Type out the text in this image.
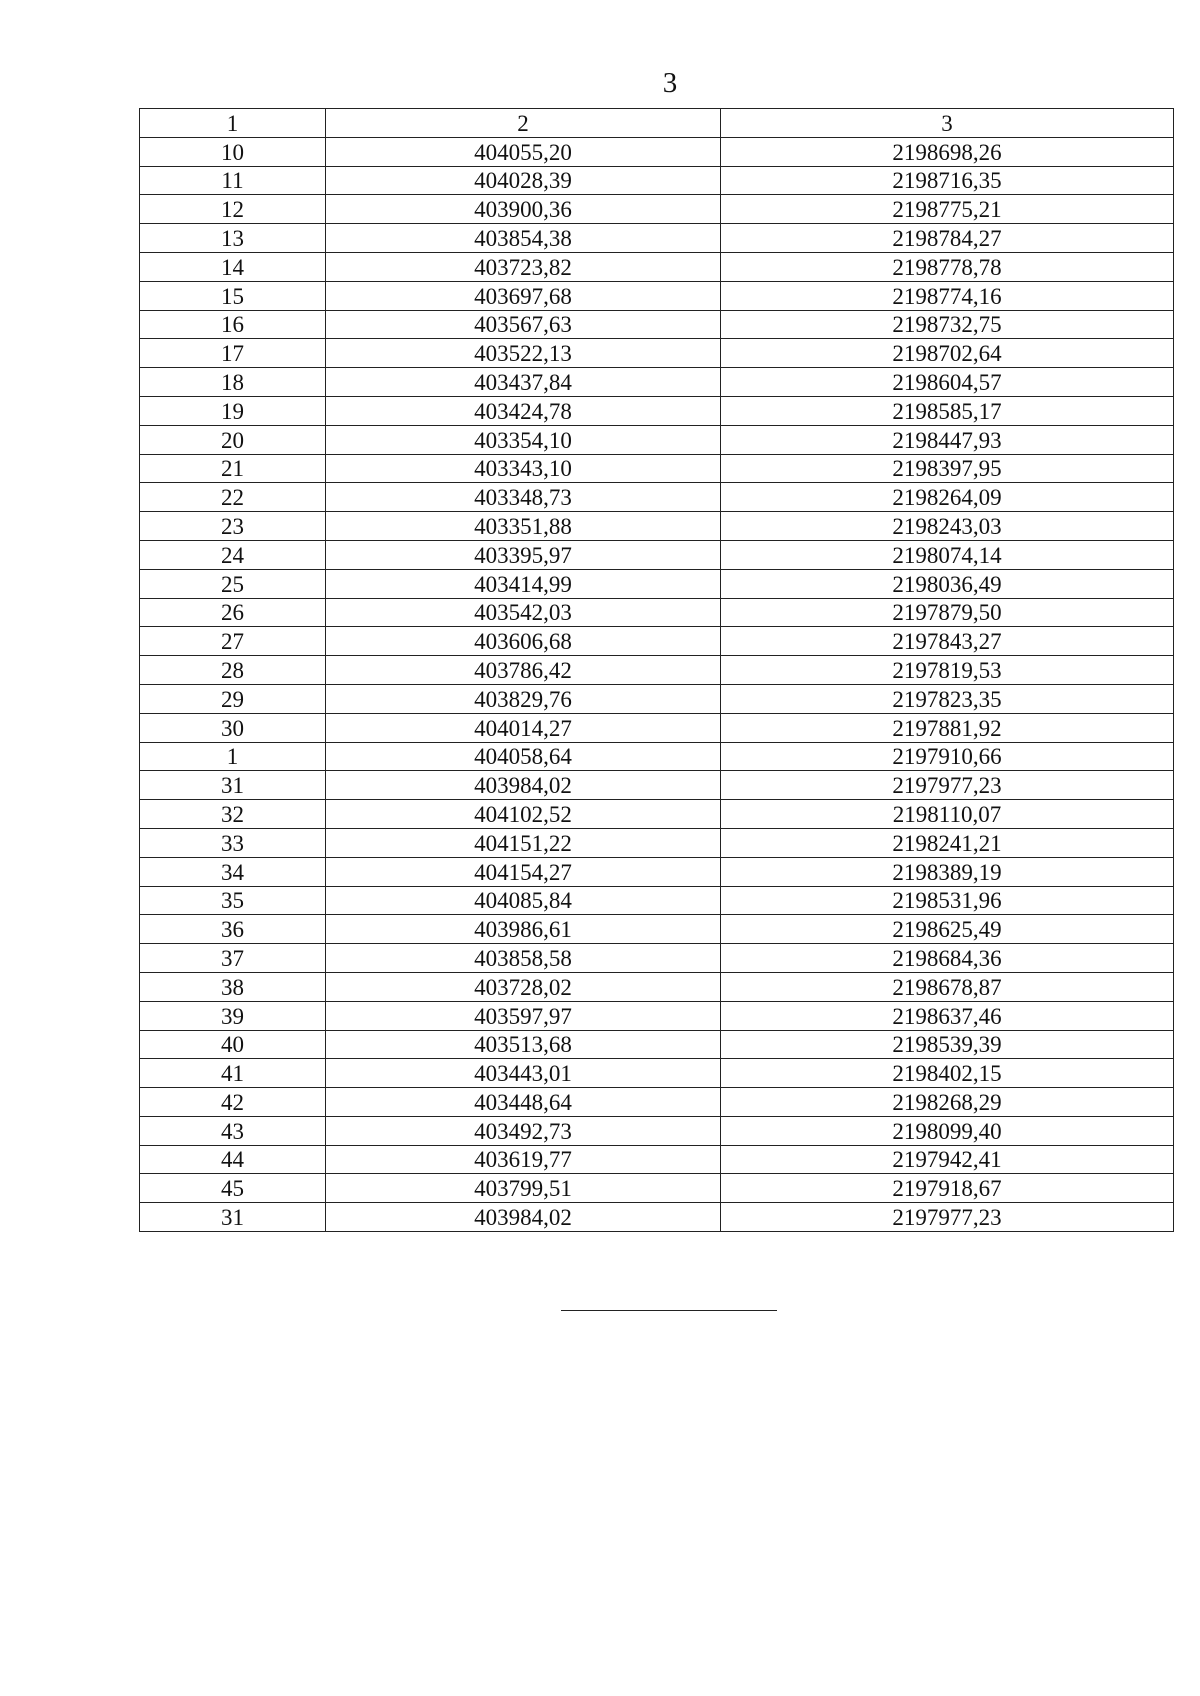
3
1	2	3
10	404055,20	2198698,26
11	404028,39	2198716,35
12	403900,36	2198775,21
13	403854,38	2198784,27
14	403723,82	2198778,78
15	403697,68	2198774,16
16	403567,63	2198732,75
17	403522,13	2198702,64
18	403437,84	2198604,57
19	403424,78	2198585,17
20	403354,10	2198447,93
21	403343,10	2198397,95
22	403348,73	2198264,09
23	403351,88	2198243,03
24	403395,97	2198074,14
25	403414,99	2198036,49
26	403542,03	2197879,50
27	403606,68	2197843,27
28	403786,42	2197819,53
29	403829,76	2197823,35
30	404014,27	2197881,92
1	404058,64	2197910,66
31	403984,02	2197977,23
32	404102,52	2198110,07
33	404151,22	2198241,21
34	404154,27	2198389,19
35	404085,84	2198531,96
36	403986,61	2198625,49
37	403858,58	2198684,36
38	403728,02	2198678,87
39	403597,97	2198637,46
40	403513,68	2198539,39
41	403443,01	2198402,15
42	403448,64	2198268,29
43	403492,73	2198099,40
44	403619,77	2197942,41
45	403799,51	2197918,67
31	403984,02	2197977,23
